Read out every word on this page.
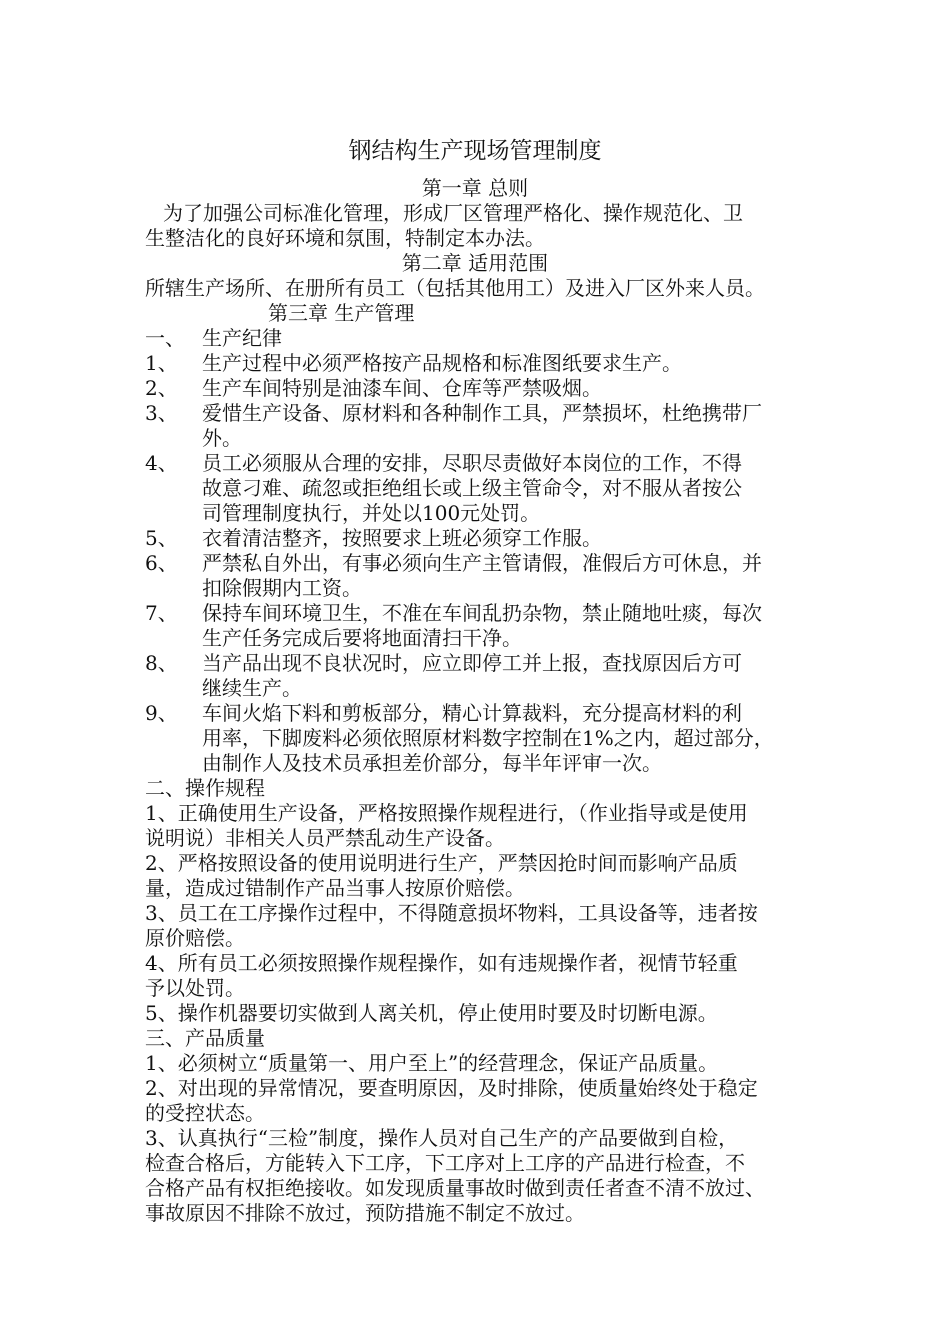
钢结构生产现场管理制度
第一章 总则
为了加强公司标准化管理，形成厂区管理严格化、操作规范化、卫
生整洁化的良好环境和氛围，特制定本办法。
第二章 适用范围
所辖生产场所、在册所有员工（包括其他用工）及进入厂区外来人员。
第三章 生产管理
一、 生产纪律
1、 生产过程中必须严格按产品规格和标准图纸要求生产。
2、 生产车间特别是油漆车间、仓库等严禁吸烟。
3、 爱惜生产设备、原材料和各种制作工具，严禁损坏，杜绝携带厂
外。
4、 员工必须服从合理的安排，尽职尽责做好本岗位的工作，不得
故意刁难、疏忽或拒绝组长或上级主管命令，对不服从者按公
司管理制度执行，并处以100元处罚。
5、 衣着清洁整齐，按照要求上班必须穿工作服。
6、 严禁私自外出，有事必须向生产主管请假，准假后方可休息，并
扣除假期内工资。
7、 保持车间环境卫生，不准在车间乱扔杂物，禁止随地吐痰，每次
生产任务完成后要将地面清扫干净。
8、 当产品出现不良状况时，应立即停工并上报，查找原因后方可
继续生产。
9、 车间火焰下料和剪板部分，精心计算裁料，充分提高材料的利
用率，下脚废料必须依照原材料数字控制在1%之内，超过部分，
由制作人及技术员承担差价部分，每半年评审一次。
二、操作规程
1、正确使用生产设备，严格按照操作规程进行，（作业指导或是使用
说明说）非相关人员严禁乱动生产设备。
2、严格按照设备的使用说明进行生产，严禁因抢时间而影响产品质
量，造成过错制作产品当事人按原价赔偿。
3、员工在工序操作过程中，不得随意损坏物料，工具设备等，违者按
原价赔偿。
4、所有员工必须按照操作规程操作，如有违规操作者，视情节轻重
予以处罚。
5、操作机器要切实做到人离关机，停止使用时要及时切断电源。
三、产品质量
1、必须树立“质量第一、用户至上”的经营理念，保证产品质量。
2、对出现的异常情况，要查明原因，及时排除，使质量始终处于稳定
的受控状态。
3、认真执行“三检”制度，操作人员对自己生产的产品要做到自检，
检查合格后，方能转入下工序，下工序对上工序的产品进行检查，不
合格产品有权拒绝接收。如发现质量事故时做到责任者查不清不放过、
事故原因不排除不放过，预防措施不制定不放过。
